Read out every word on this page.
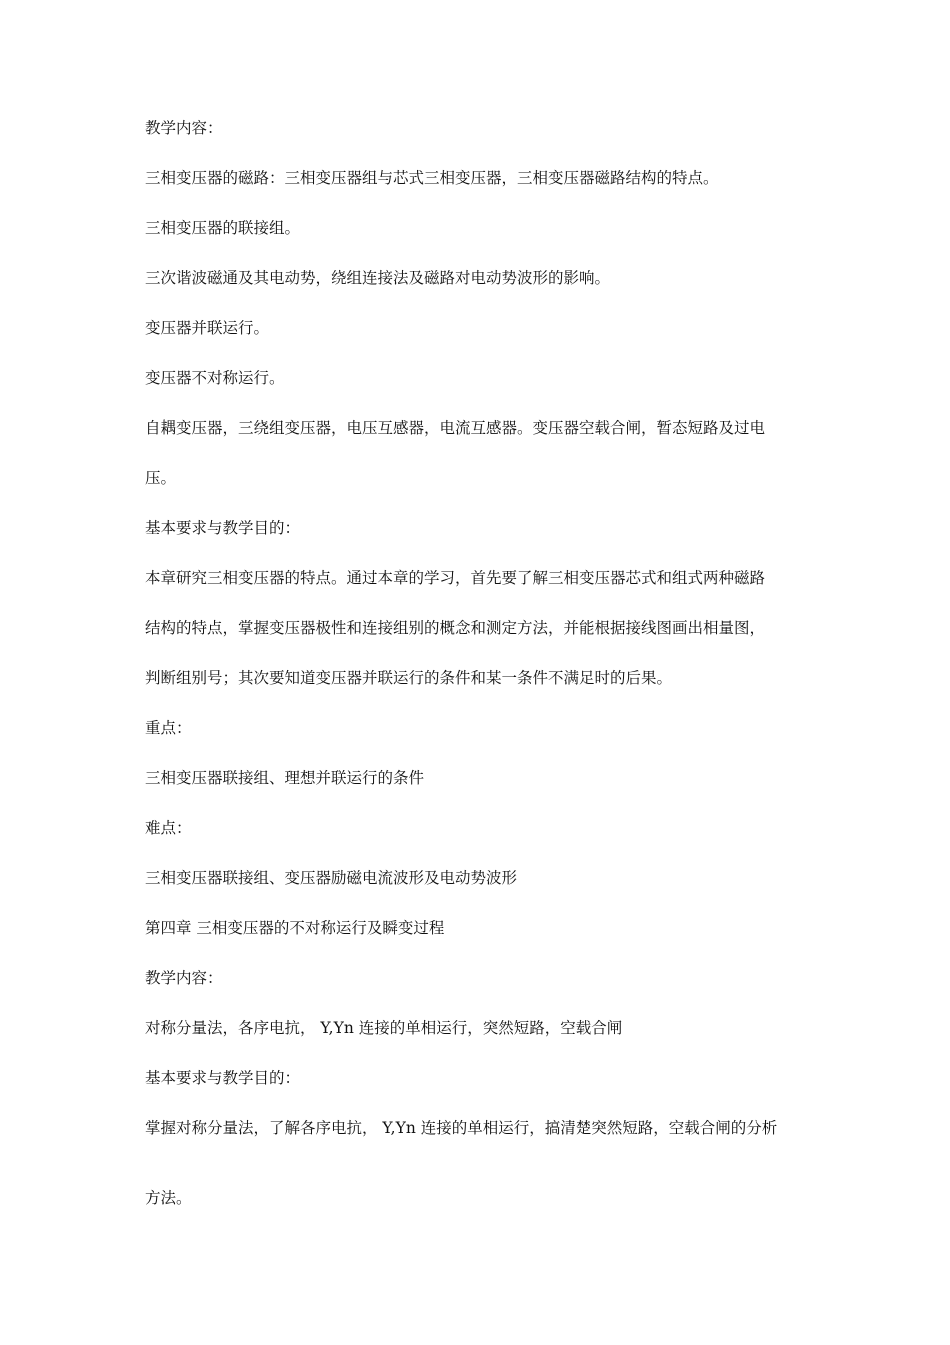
教学内容：
三相变压器的磁路：三相变压器组与芯式三相变压器，三相变压器磁路结构的特点。
三相变压器的联接组。
三次谐波磁通及其电动势，绕组连接法及磁路对电动势波形的影响。
变压器并联运行。
变压器不对称运行。
自耦变压器，三绕组变压器，电压互感器，电流互感器。变压器空载合闸，暂态短路及过电
压。
基本要求与教学目的：
本章研究三相变压器的特点。通过本章的学习，首先要了解三相变压器芯式和组式两种磁路
结构的特点，掌握变压器极性和连接组别的概念和测定方法，并能根据接线图画出相量图，
判断组别号；其次要知道变压器并联运行的条件和某一条件不满足时的后果。
重点：
三相变压器联接组、理想并联运行的条件
难点：
三相变压器联接组、变压器励磁电流波形及电动势波形
第四章 三相变压器的不对称运行及瞬变过程
教学内容：
对称分量法，各序电抗， Y,Yn 连接的单相运行，突然短路，空载合闸
基本要求与教学目的：
掌握对称分量法，了解各序电抗， Y,Yn 连接的单相运行，搞清楚突然短路，空载合闸的分析
方法。
